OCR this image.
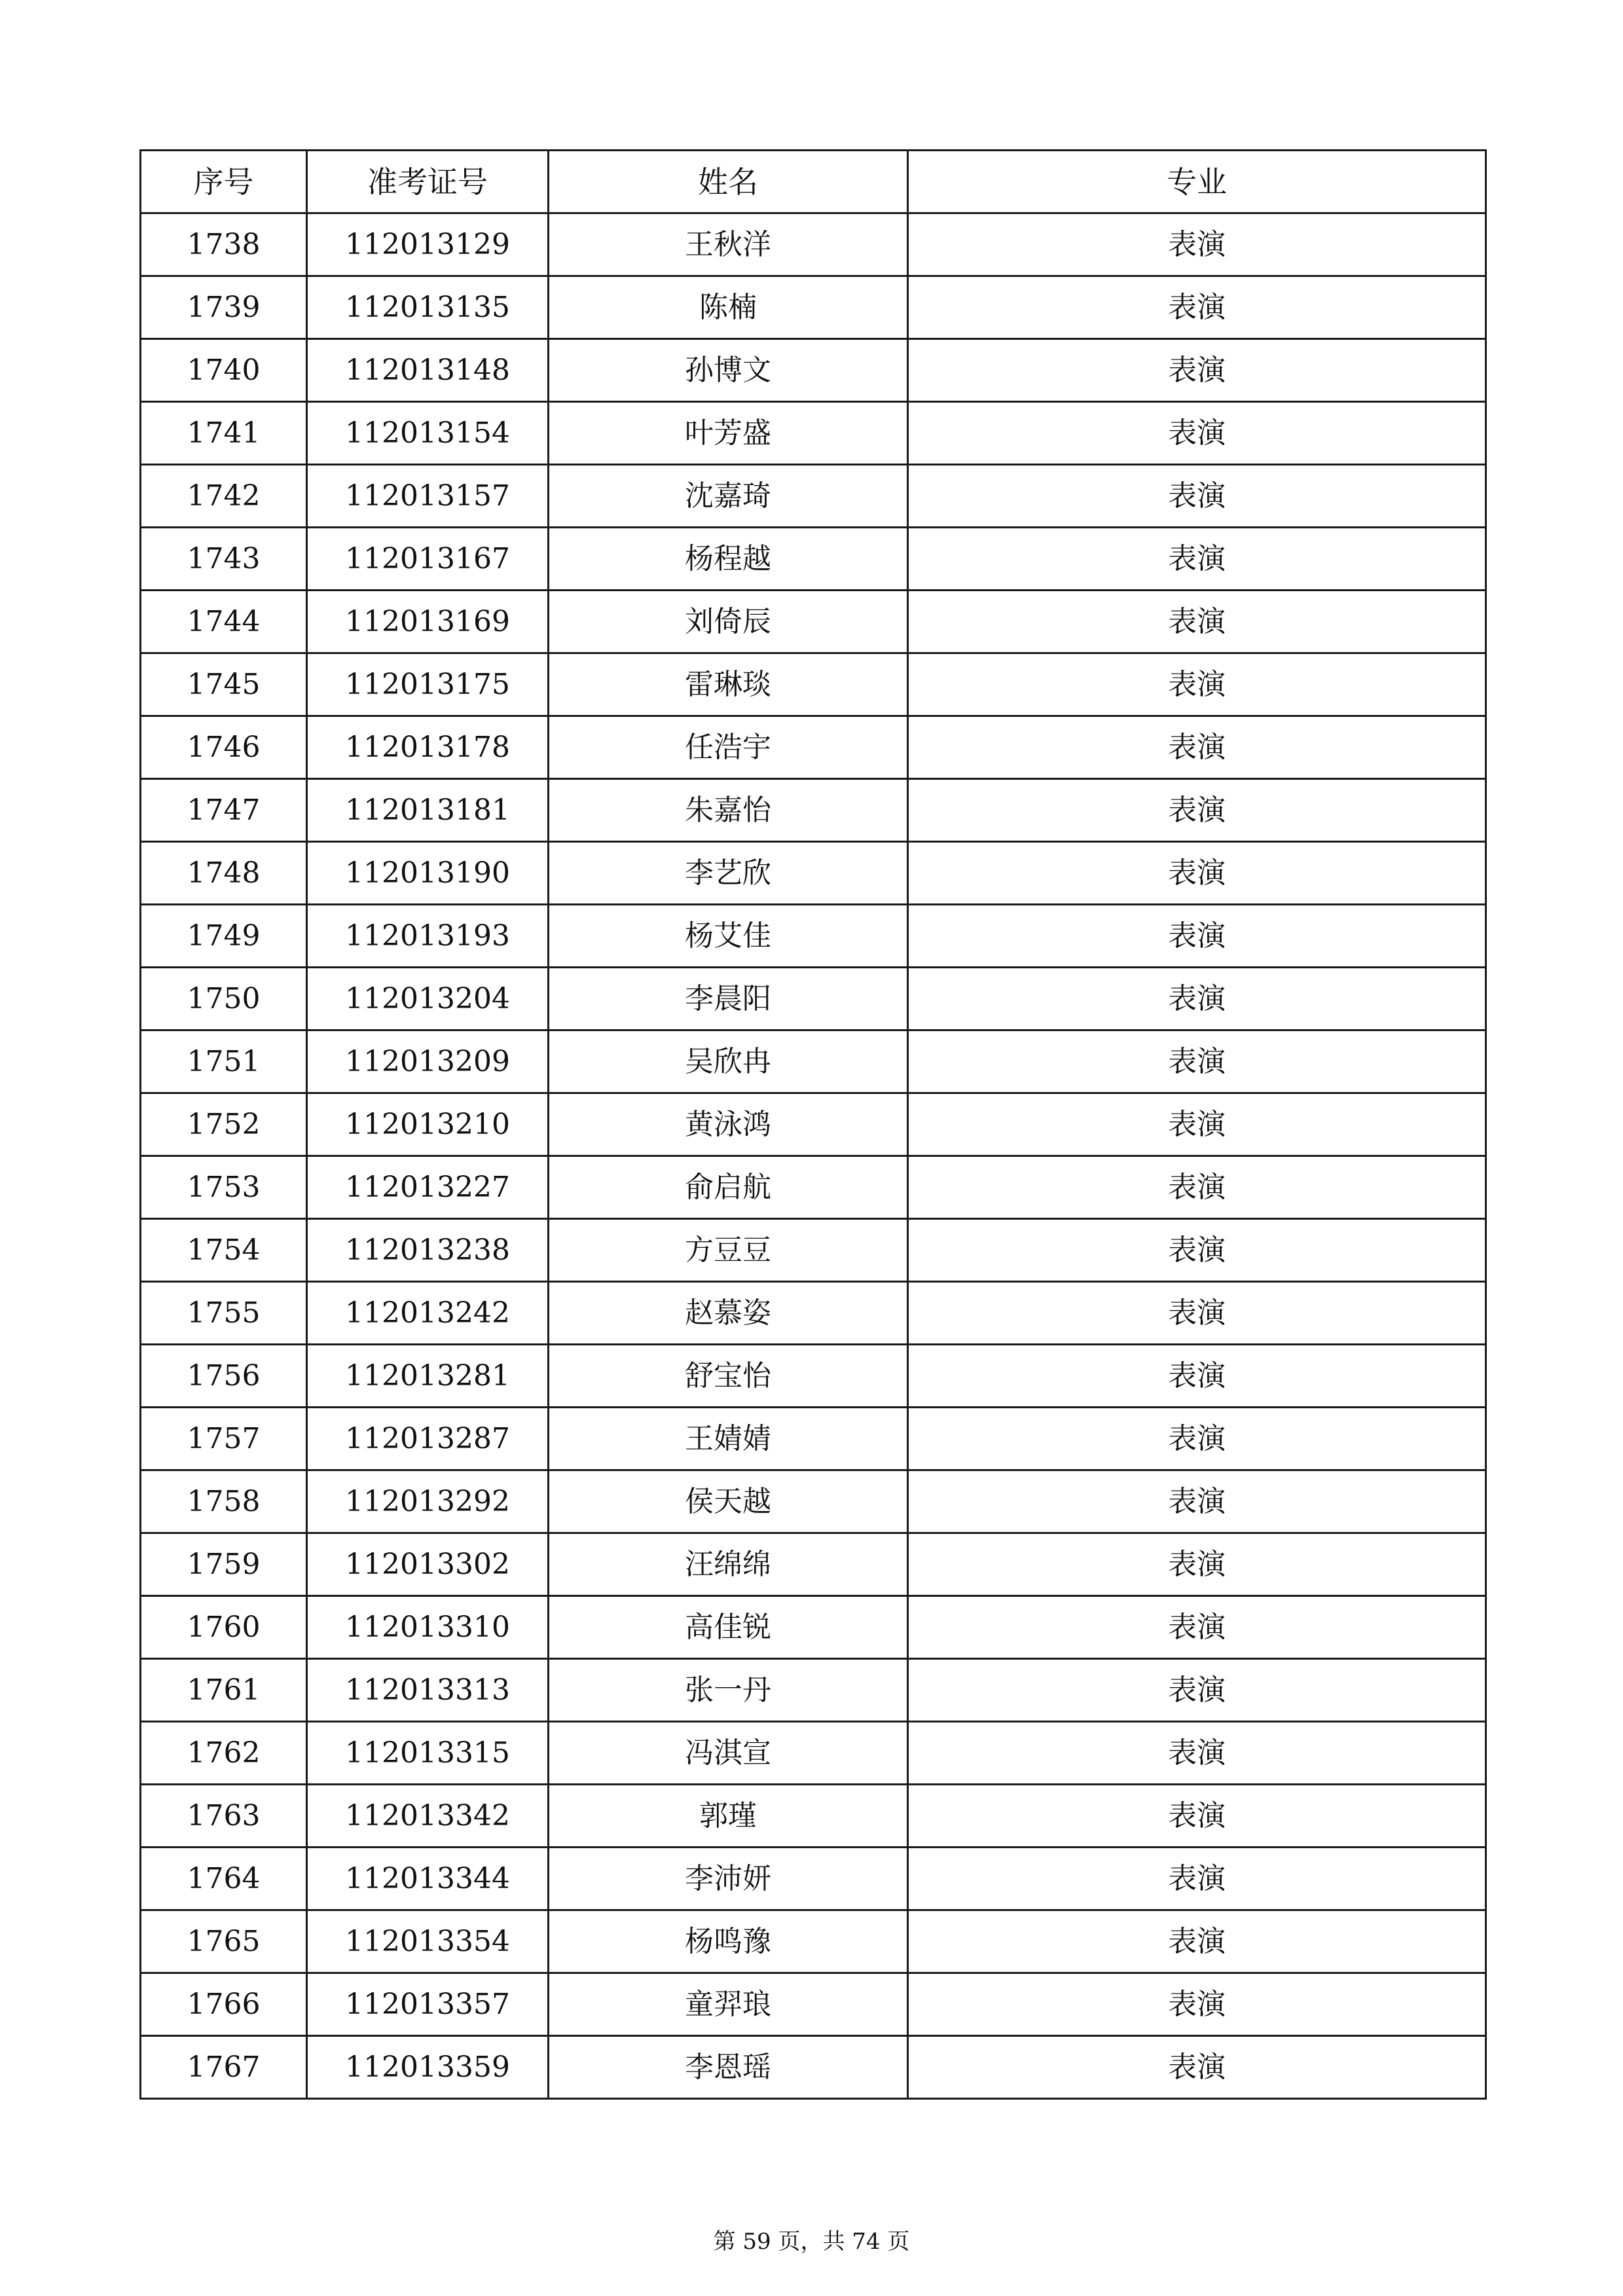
序号	准考证号	姓名	专业
1738	112013129	王秋洋	表演
1739	112013135	陈楠	表演
1740	112013148	孙博文	表演
1741	112013154	叶芳盛	表演
1742	112013157	沈嘉琦	表演
1743	112013167	杨程越	表演
1744	112013169	刘倚辰	表演
1745	112013175	雷琳琰	表演
1746	112013178	任浩宇	表演
1747	112013181	朱嘉怡	表演
1748	112013190	李艺欣	表演
1749	112013193	杨艾佳	表演
1750	112013204	李晨阳	表演
1751	112013209	吴欣冉	表演
1752	112013210	黄泳鸿	表演
1753	112013227	俞启航	表演
1754	112013238	方豆豆	表演
1755	112013242	赵慕姿	表演
1756	112013281	舒宝怡	表演
1757	112013287	王婧婧	表演
1758	112013292	侯天越	表演
1759	112013302	汪绵绵	表演
1760	112013310	高佳锐	表演
1761	112013313	张一丹	表演
1762	112013315	冯淇宣	表演
1763	112013342	郭瑾	表演
1764	112013344	李沛妍	表演
1765	112013354	杨鸣豫	表演
1766	112013357	童羿琅	表演
1767	112013359	李恩瑶	表演
第 59 页，共 74 页
